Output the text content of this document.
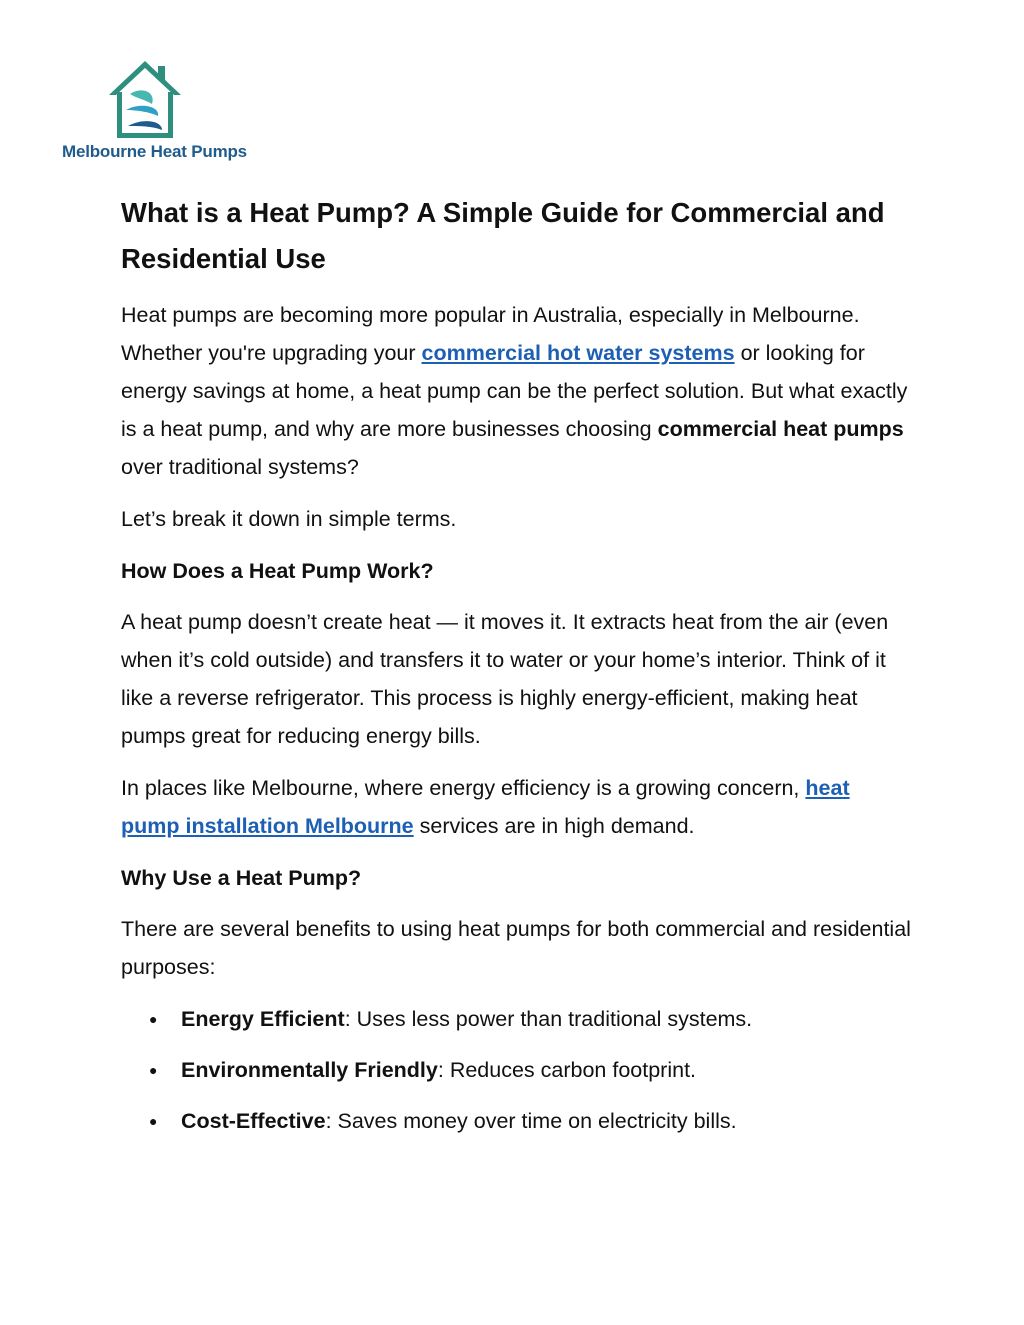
Melbourne Heat Pumps
What is a Heat Pump? A Simple Guide for Commercial and Residential Use

Heat pumps are becoming more popular in Australia, especially in Melbourne. Whether you're upgrading your commercial hot water systems or looking for energy savings at home, a heat pump can be the perfect solution. But what exactly is a heat pump, and why are more businesses choosing commercial heat pumps over traditional systems?

Let’s break it down in simple terms.

How Does a Heat Pump Work?

A heat pump doesn’t create heat — it moves it. It extracts heat from the air (even when it’s cold outside) and transfers it to water or your home’s interior. Think of it like a reverse refrigerator. This process is highly energy-efficient, making heat pumps great for reducing energy bills.

In places like Melbourne, where energy efficiency is a growing concern, heat pump installation Melbourne services are in high demand.

Why Use a Heat Pump?

There are several benefits to using heat pumps for both commercial and residential purposes:

● Energy Efficient: Uses less power than traditional systems.
● Environmentally Friendly: Reduces carbon footprint.
● Cost-Effective: Saves money over time on electricity bills.
